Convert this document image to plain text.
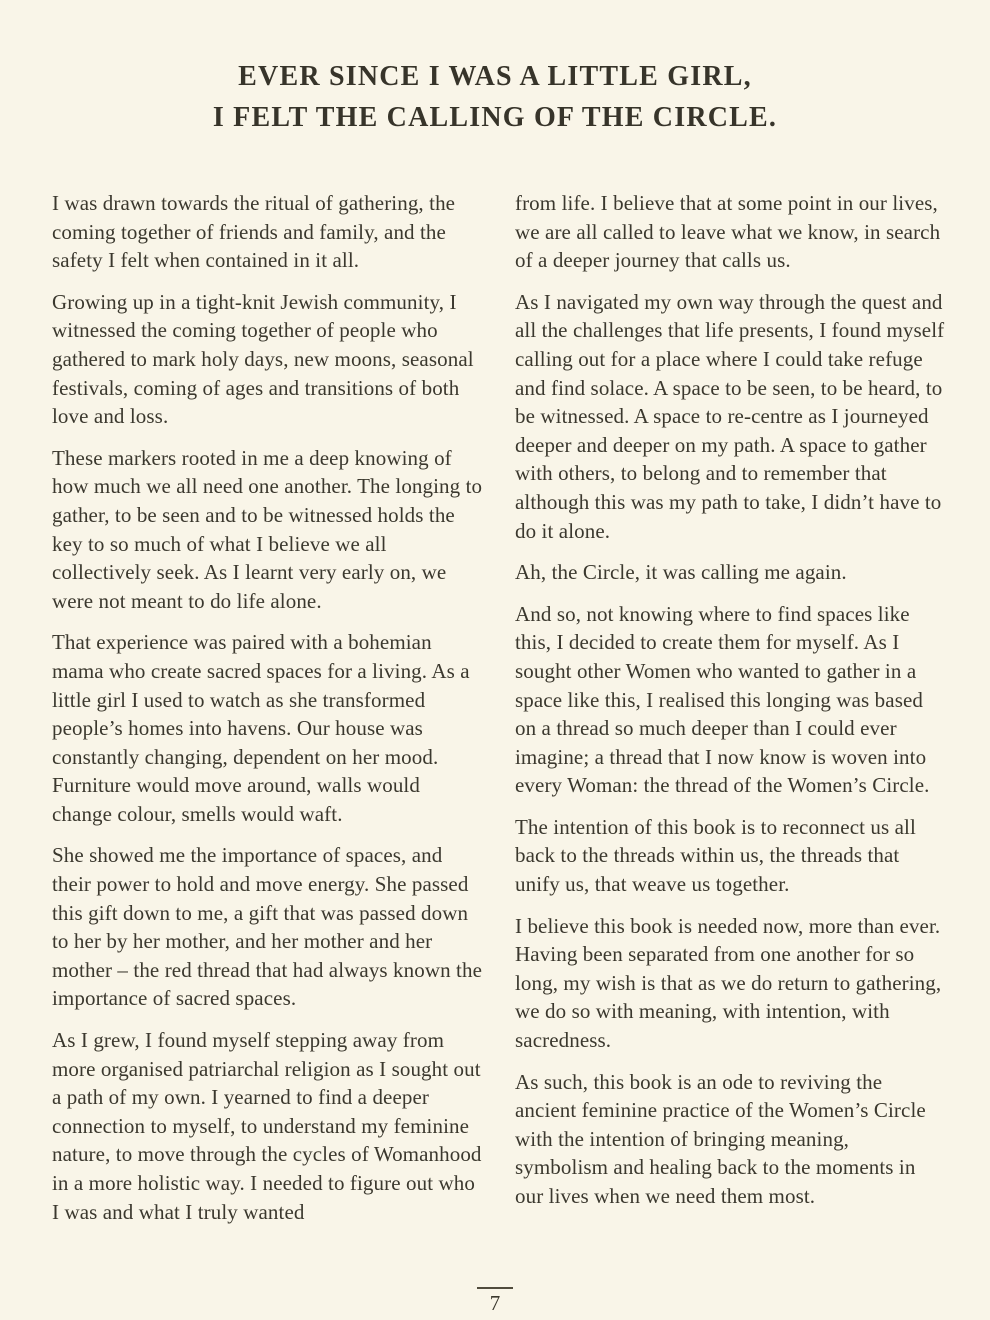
EVER SINCE I WAS A LITTLE GIRL,
I FELT THE CALLING OF THE CIRCLE.

I was drawn towards the ritual of gathering, the coming together of friends and family, and the safety I felt when contained in it all.

Growing up in a tight-knit Jewish community, I witnessed the coming together of people who gathered to mark holy days, new moons, seasonal festivals, coming of ages and transitions of both love and loss.

These markers rooted in me a deep knowing of how much we all need one another. The longing to gather, to be seen and to be witnessed holds the key to so much of what I believe we all collectively seek. As I learnt very early on, we were not meant to do life alone.

That experience was paired with a bohemian mama who create sacred spaces for a living. As a little girl I used to watch as she transformed people’s homes into havens. Our house was constantly changing, dependent on her mood. Furniture would move around, walls would change colour, smells would waft.

She showed me the importance of spaces, and their power to hold and move energy. She passed this gift down to me, a gift that was passed down to her by her mother, and her mother and her mother – the red thread that had always known the importance of sacred spaces.

As I grew, I found myself stepping away from more organised patriarchal religion as I sought out a path of my own. I yearned to find a deeper connection to myself, to understand my feminine nature, to move through the cycles of Womanhood in a more holistic way. I needed to figure out who I was and what I truly wanted

from life. I believe that at some point in our lives, we are all called to leave what we know, in search of a deeper journey that calls us.

As I navigated my own way through the quest and all the challenges that life presents, I found myself calling out for a place where I could take refuge and find solace. A space to be seen, to be heard, to be witnessed. A space to re-centre as I journeyed deeper and deeper on my path. A space to gather with others, to belong and to remember that although this was my path to take, I didn’t have to do it alone.

Ah, the Circle, it was calling me again.

And so, not knowing where to find spaces like this, I decided to create them for myself. As I sought other Women who wanted to gather in a space like this, I realised this longing was based on a thread so much deeper than I could ever imagine; a thread that I now know is woven into every Woman: the thread of the Women’s Circle.

The intention of this book is to reconnect us all back to the threads within us, the threads that unify us, that weave us together.

I believe this book is needed now, more than ever. Having been separated from one another for so long, my wish is that as we do return to gathering, we do so with meaning, with intention, with sacredness.

As such, this book is an ode to reviving the ancient feminine practice of the Women’s Circle with the intention of bringing meaning, symbolism and healing back to the moments in our lives when we need them most.

7
